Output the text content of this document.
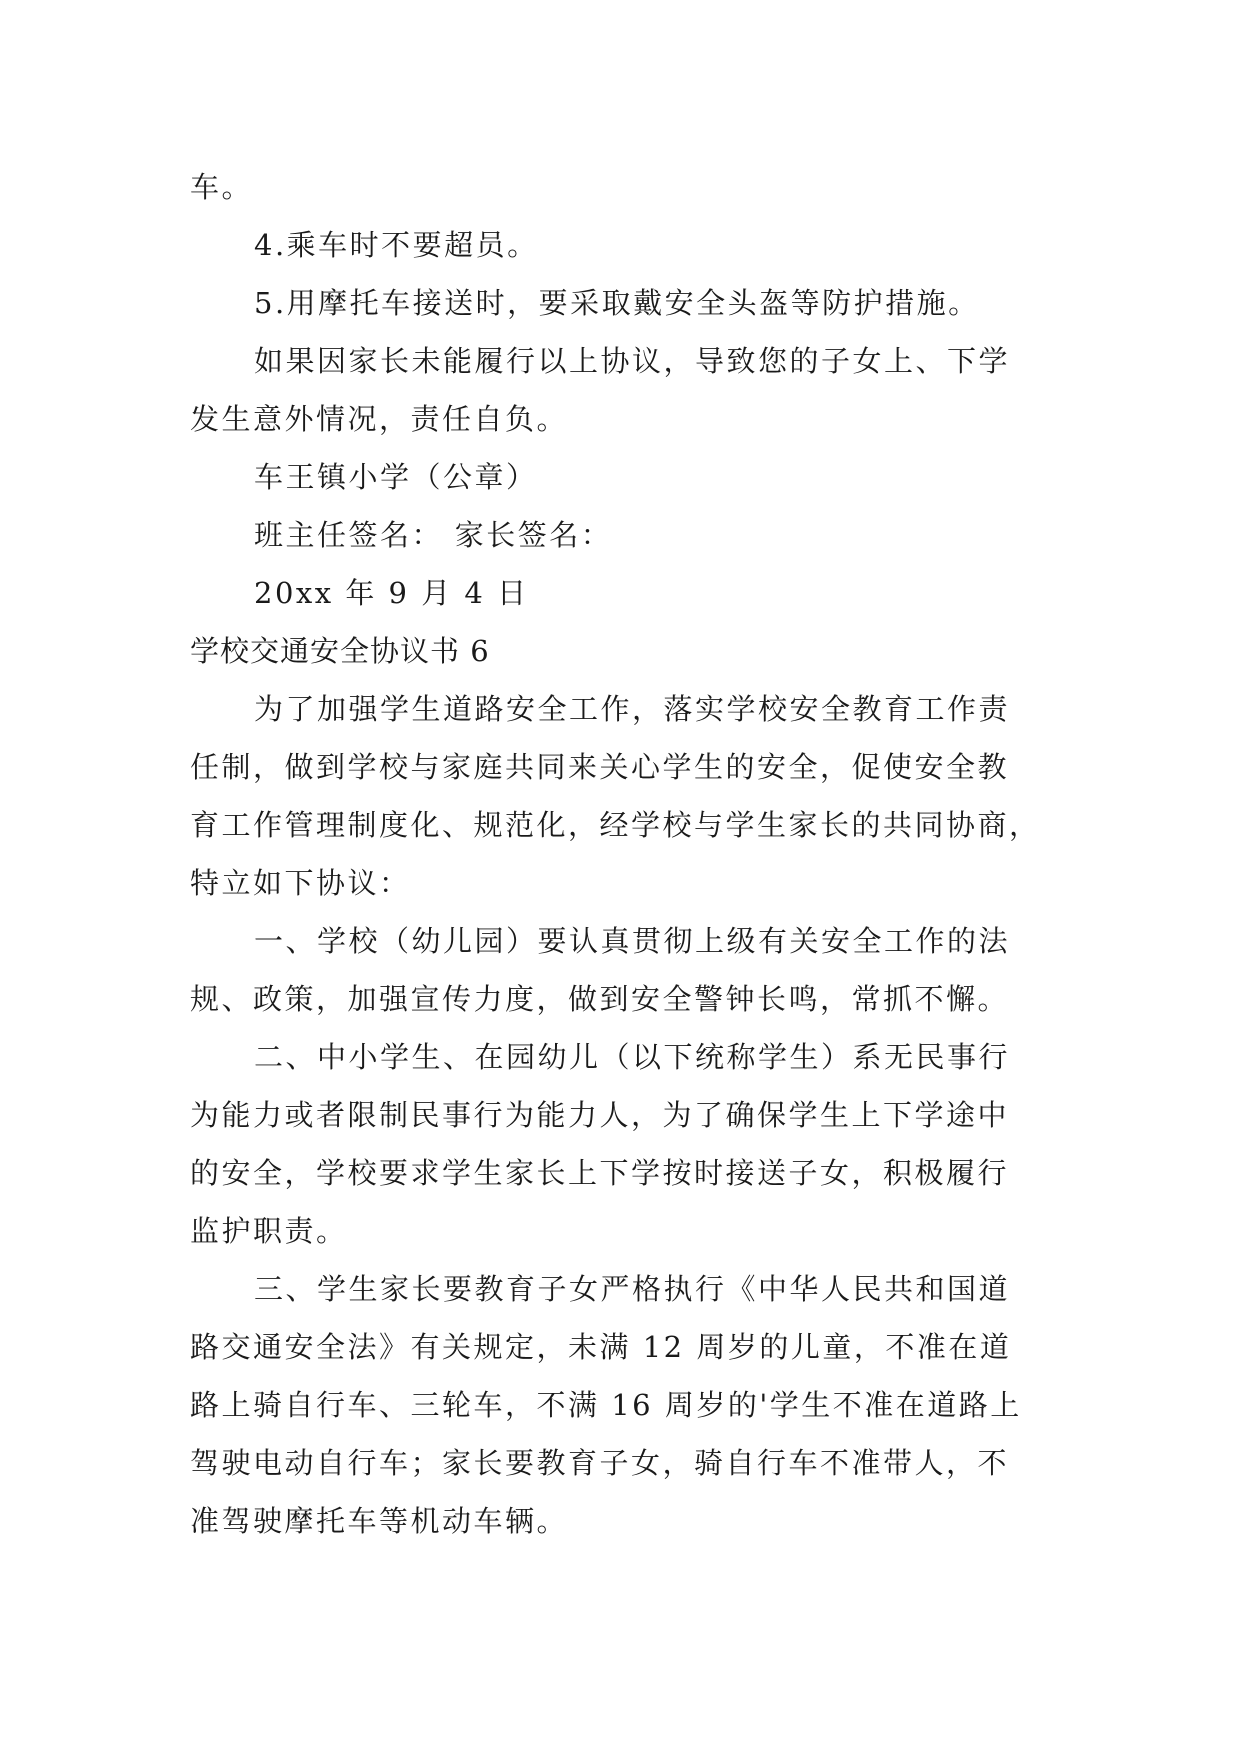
车。
4.乘车时不要超员。
5.用摩托车接送时，要采取戴安全头盔等防护措施。
如果因家长未能履行以上协议，导致您的子女上、下学
发生意外情况，责任自负。
车王镇小学（公章）
班主任签名： 家长签名：
20xx 年 9 月 4 日
学校交通安全协议书 6
为了加强学生道路安全工作，落实学校安全教育工作责
任制，做到学校与家庭共同来关心学生的安全，促使安全教
育工作管理制度化、规范化，经学校与学生家长的共同协商，
特立如下协议：
一、学校（幼儿园）要认真贯彻上级有关安全工作的法
规、政策，加强宣传力度，做到安全警钟长鸣，常抓不懈。
二、中小学生、在园幼儿（以下统称学生）系无民事行
为能力或者限制民事行为能力人，为了确保学生上下学途中
的安全，学校要求学生家长上下学按时接送子女，积极履行
监护职责。
三、学生家长要教育子女严格执行《中华人民共和国道
路交通安全法》有关规定，未满 12 周岁的儿童，不准在道
路上骑自行车、三轮车，不满 16 周岁的'学生不准在道路上
驾驶电动自行车；家长要教育子女，骑自行车不准带人，不
准驾驶摩托车等机动车辆。
